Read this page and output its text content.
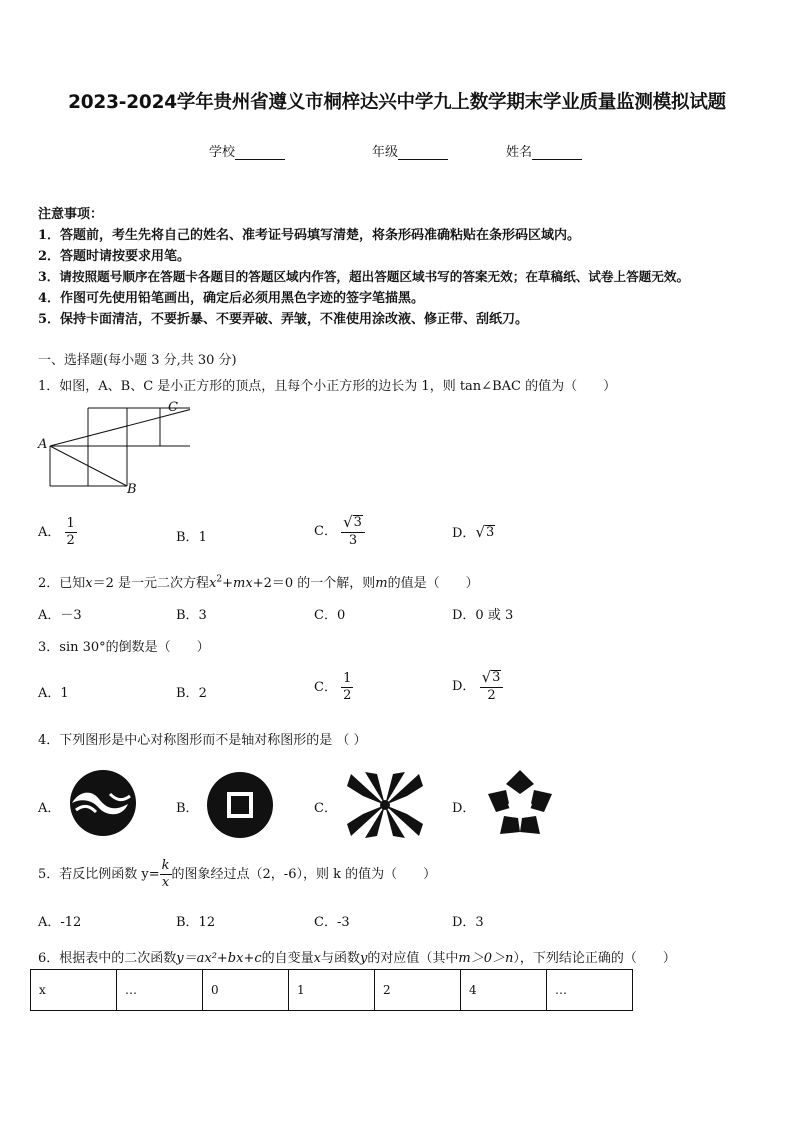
2023-2024学年贵州省遵义市桐梓达兴中学九上数学期末学业质量监测模拟试题
学校	年级	姓名
注意事项：
1．答题前，考生先将自己的姓名、准考证号码填写清楚，将条形码准确粘贴在条形码区域内。
2．答题时请按要求用笔。
3．请按照题号顺序在答题卡各题目的答题区域内作答，超出答题区域书写的答案无效；在草稿纸、试卷上答题无效。
4．作图可先使用铅笔画出，确定后必须用黑色字迹的签字笔描黑。
5．保持卡面清洁，不要折暴、不要弄破、弄皱，不准使用涂改液、修正带、刮纸刀。
一、选择题(每小题 3 分,共 30 分)
1．如图，A、B、C 是小正方形的顶点，且每个小正方形的边长为 1，则 tan∠BAC 的值为（　　）
A
B
C
A． $\frac{1}{2}$	B．1	C． $\frac{√ 3}{3}$	D． √ 3
2．已知x＝2 是一元二次方程$x^2+mx+2=0$ 的一个解，则m的值是（　　）
A．－3	B．3	C．0	D．0 或 3
3．sin 30°的倒数是（　　）
A．1	B．2	C． $\frac{1}{2}$	D． $\frac{√ 3}{2}$
4．下列图形是中心对称图形而不是轴对称图形的是 （ ）
A．	B．	C．	D．
5．若反比例函数 $y= \frac{k}{x}$ 的图象经过点（2，-6），则 k 的值为（　　）
A．-12	B．12	C．-3	D．3
6．根据表中的二次函数y＝ax²+bx+c的自变量x与函数y的对应值（其中m＞0＞n），下列结论正确的（　　）
x	…	0	1	2	4	…
